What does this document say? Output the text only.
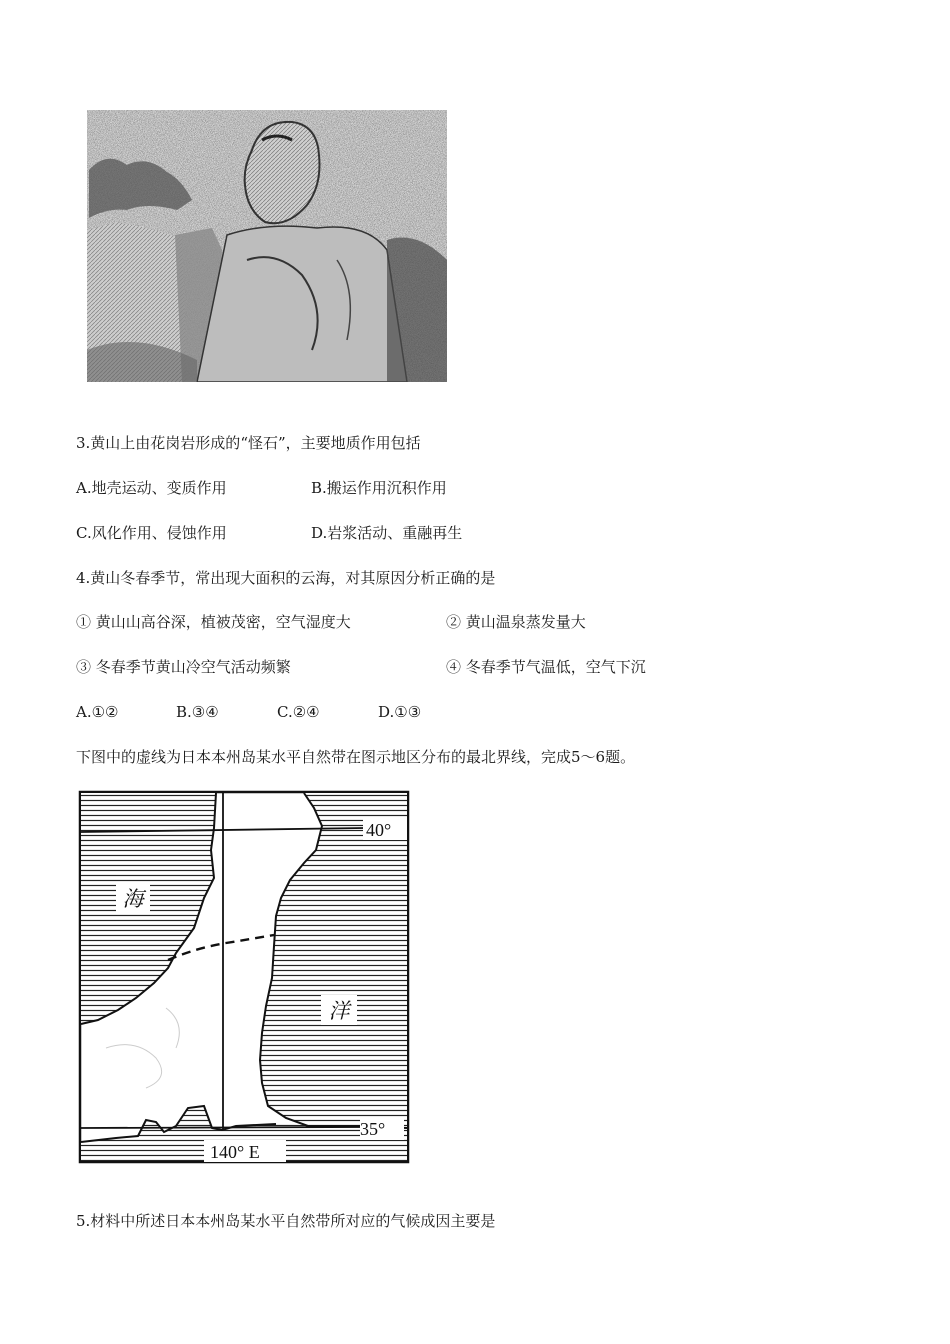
3.黄山上由花岗岩形成的“怪石”，主要地质作用包括
A.地壳运动、变质作用	B.搬运作用沉积作用
C.风化作用、侵蚀作用	D.岩浆活动、重融再生
4.黄山冬春季节，常出现大面积的云海，对其原因分析正确的是
① 黄山山高谷深，植被茂密，空气湿度大	② 黄山温泉蒸发量大
③ 冬春季节黄山冷空气活动频繁	④ 冬春季节气温低，空气下沉
A.①②	B.③④	C.②④	D.①③
下图中的虚线为日本本州岛某水平自然带在图示地区分布的最北界线，完成5～6题。
海
洋
40°
35°
140° E
5.材料中所述日本本州岛某水平自然带所对应的气候成因主要是
